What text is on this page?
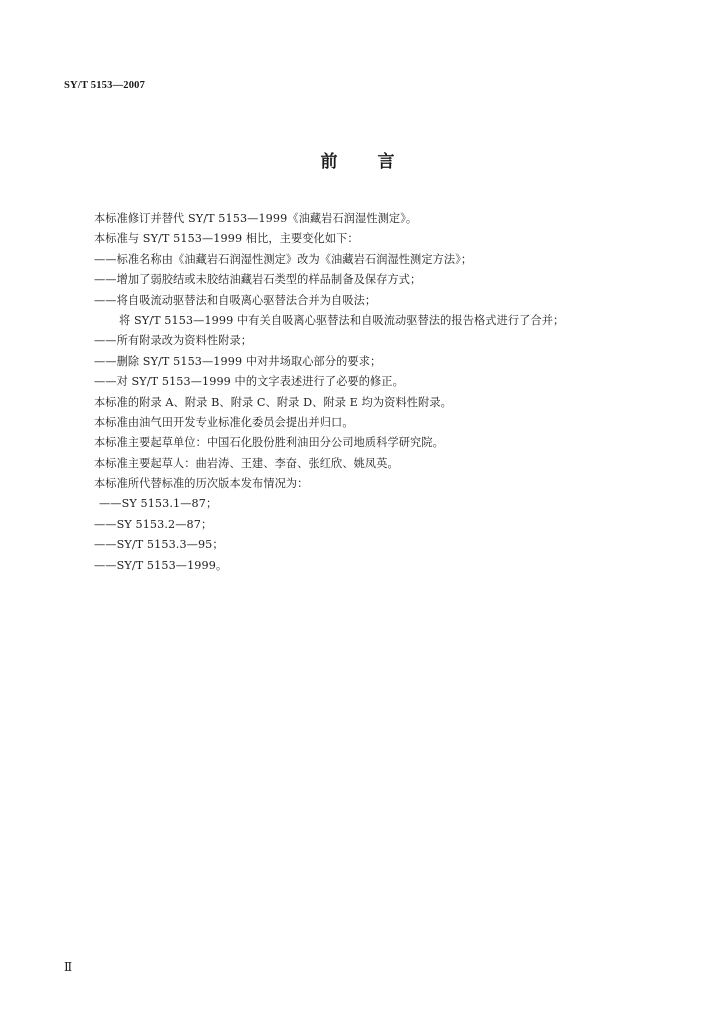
SY/T 5153—2007
前 言
本标准修订并替代 SY/T 5153—1999《油藏岩石润湿性测定》。
本标准与 SY/T 5153—1999 相比，主要变化如下：
——标准名称由《油藏岩石润湿性测定》改为《油藏岩石润湿性测定方法》；
——增加了弱胶结或未胶结油藏岩石类型的样品制备及保存方式；
——将自吸流动驱替法和自吸离心驱替法合并为自吸法；
将 SY/T 5153—1999 中有关自吸离心驱替法和自吸流动驱替法的报告格式进行了合并；
——所有附录改为资料性附录；
——删除 SY/T 5153—1999 中对井场取心部分的要求；
——对 SY/T 5153—1999 中的文字表述进行了必要的修正。
本标准的附录 A、附录 B、附录 C、附录 D、附录 E 均为资料性附录。
本标准由油气田开发专业标准化委员会提出并归口。
本标准主要起草单位：中国石化股份胜利油田分公司地质科学研究院。
本标准主要起草人：曲岩涛、王建、李奋、张红欣、姚凤英。
本标准所代替标准的历次版本发布情况为：
——SY 5153.1—87；
——SY 5153.2—87；
——SY/T 5153.3—95；
——SY/T 5153—1999。
Ⅱ
